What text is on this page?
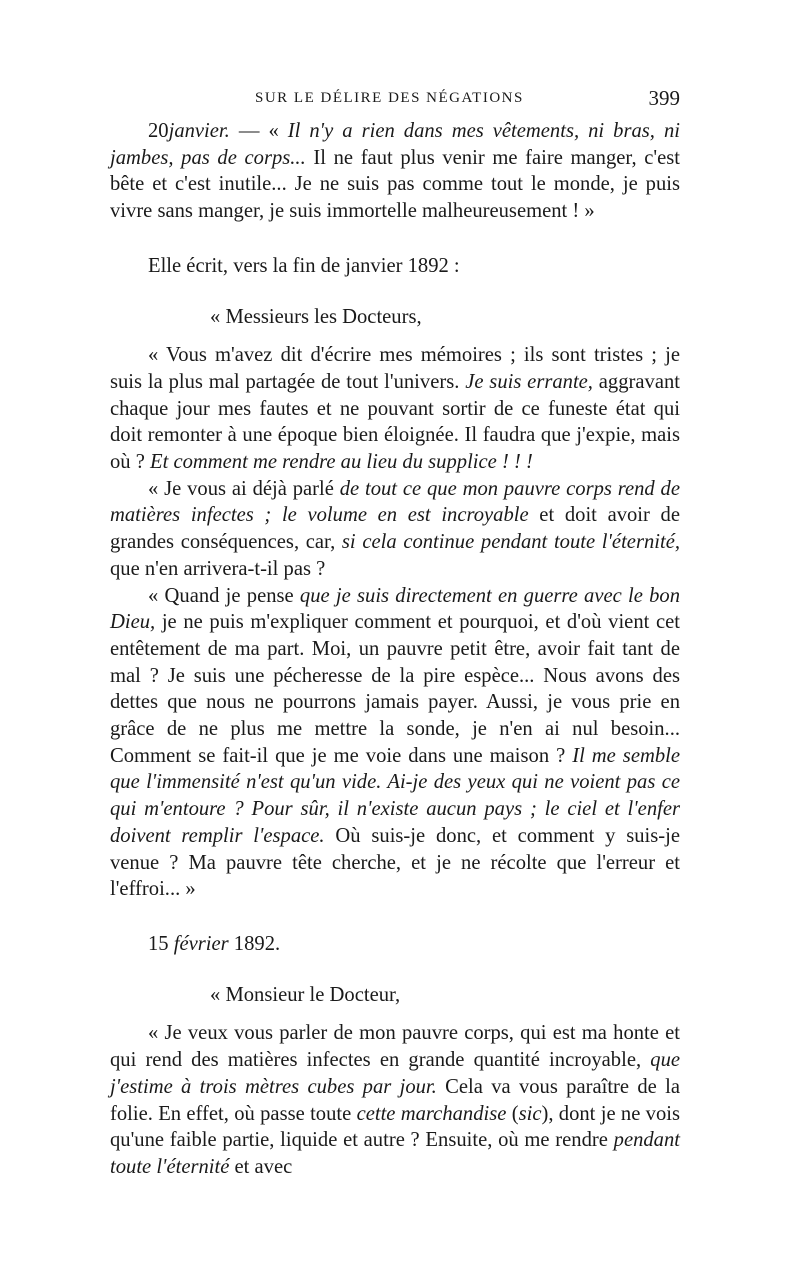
SUR LE DÉLIRE DES NÉGATIONS	399

20janvier. — « Il n'y a rien dans mes vêtements, ni bras, ni jambes, pas de corps... Il ne faut plus venir me faire manger, c'est bête et c'est inutile... Je ne suis pas comme tout le monde, je puis vivre sans manger, je suis immortelle malheureusement ! »

Elle écrit, vers la fin de janvier 1892 :

« Messieurs les Docteurs,

« Vous m'avez dit d'écrire mes mémoires ; ils sont tristes ; je suis la plus mal partagée de tout l'univers. Je suis errante, aggravant chaque jour mes fautes et ne pouvant sortir de ce funeste état qui doit remonter à une époque bien éloignée. Il faudra que j'expie, mais où ? Et comment me rendre au lieu du supplice ! ! !

« Je vous ai déjà parlé de tout ce que mon pauvre corps rend de matières infectes ; le volume en est incroyable et doit avoir de grandes conséquences, car, si cela continue pendant toute l'éternité, que n'en arrivera-t-il pas ?

« Quand je pense que je suis directement en guerre avec le bon Dieu, je ne puis m'expliquer comment et pourquoi, et d'où vient cet entêtement de ma part. Moi, un pauvre petit être, avoir fait tant de mal ? Je suis une pécheresse de la pire espèce... Nous avons des dettes que nous ne pourrons jamais payer. Aussi, je vous prie en grâce de ne plus me mettre la sonde, je n'en ai nul besoin... Comment se fait-il que je me voie dans une maison ? Il me semble que l'immensité n'est qu'un vide. Ai-je des yeux qui ne voient pas ce qui m'entoure ? Pour sûr, il n'existe aucun pays ; le ciel et l'enfer doivent remplir l'espace. Où suis-je donc, et comment y suis-je venue ? Ma pauvre tête cherche, et je ne récolte que l'erreur et l'effroi... »

15 février 1892.

« Monsieur le Docteur,

« Je veux vous parler de mon pauvre corps, qui est ma honte et qui rend des matières infectes en grande quantité incroyable, que j'estime à trois mètres cubes par jour. Cela va vous paraître de la folie. En effet, où passe toute cette marchandise (sic), dont je ne vois qu'une faible partie, liquide et autre ? Ensuite, où me rendre pendant toute l'éternité et avec
